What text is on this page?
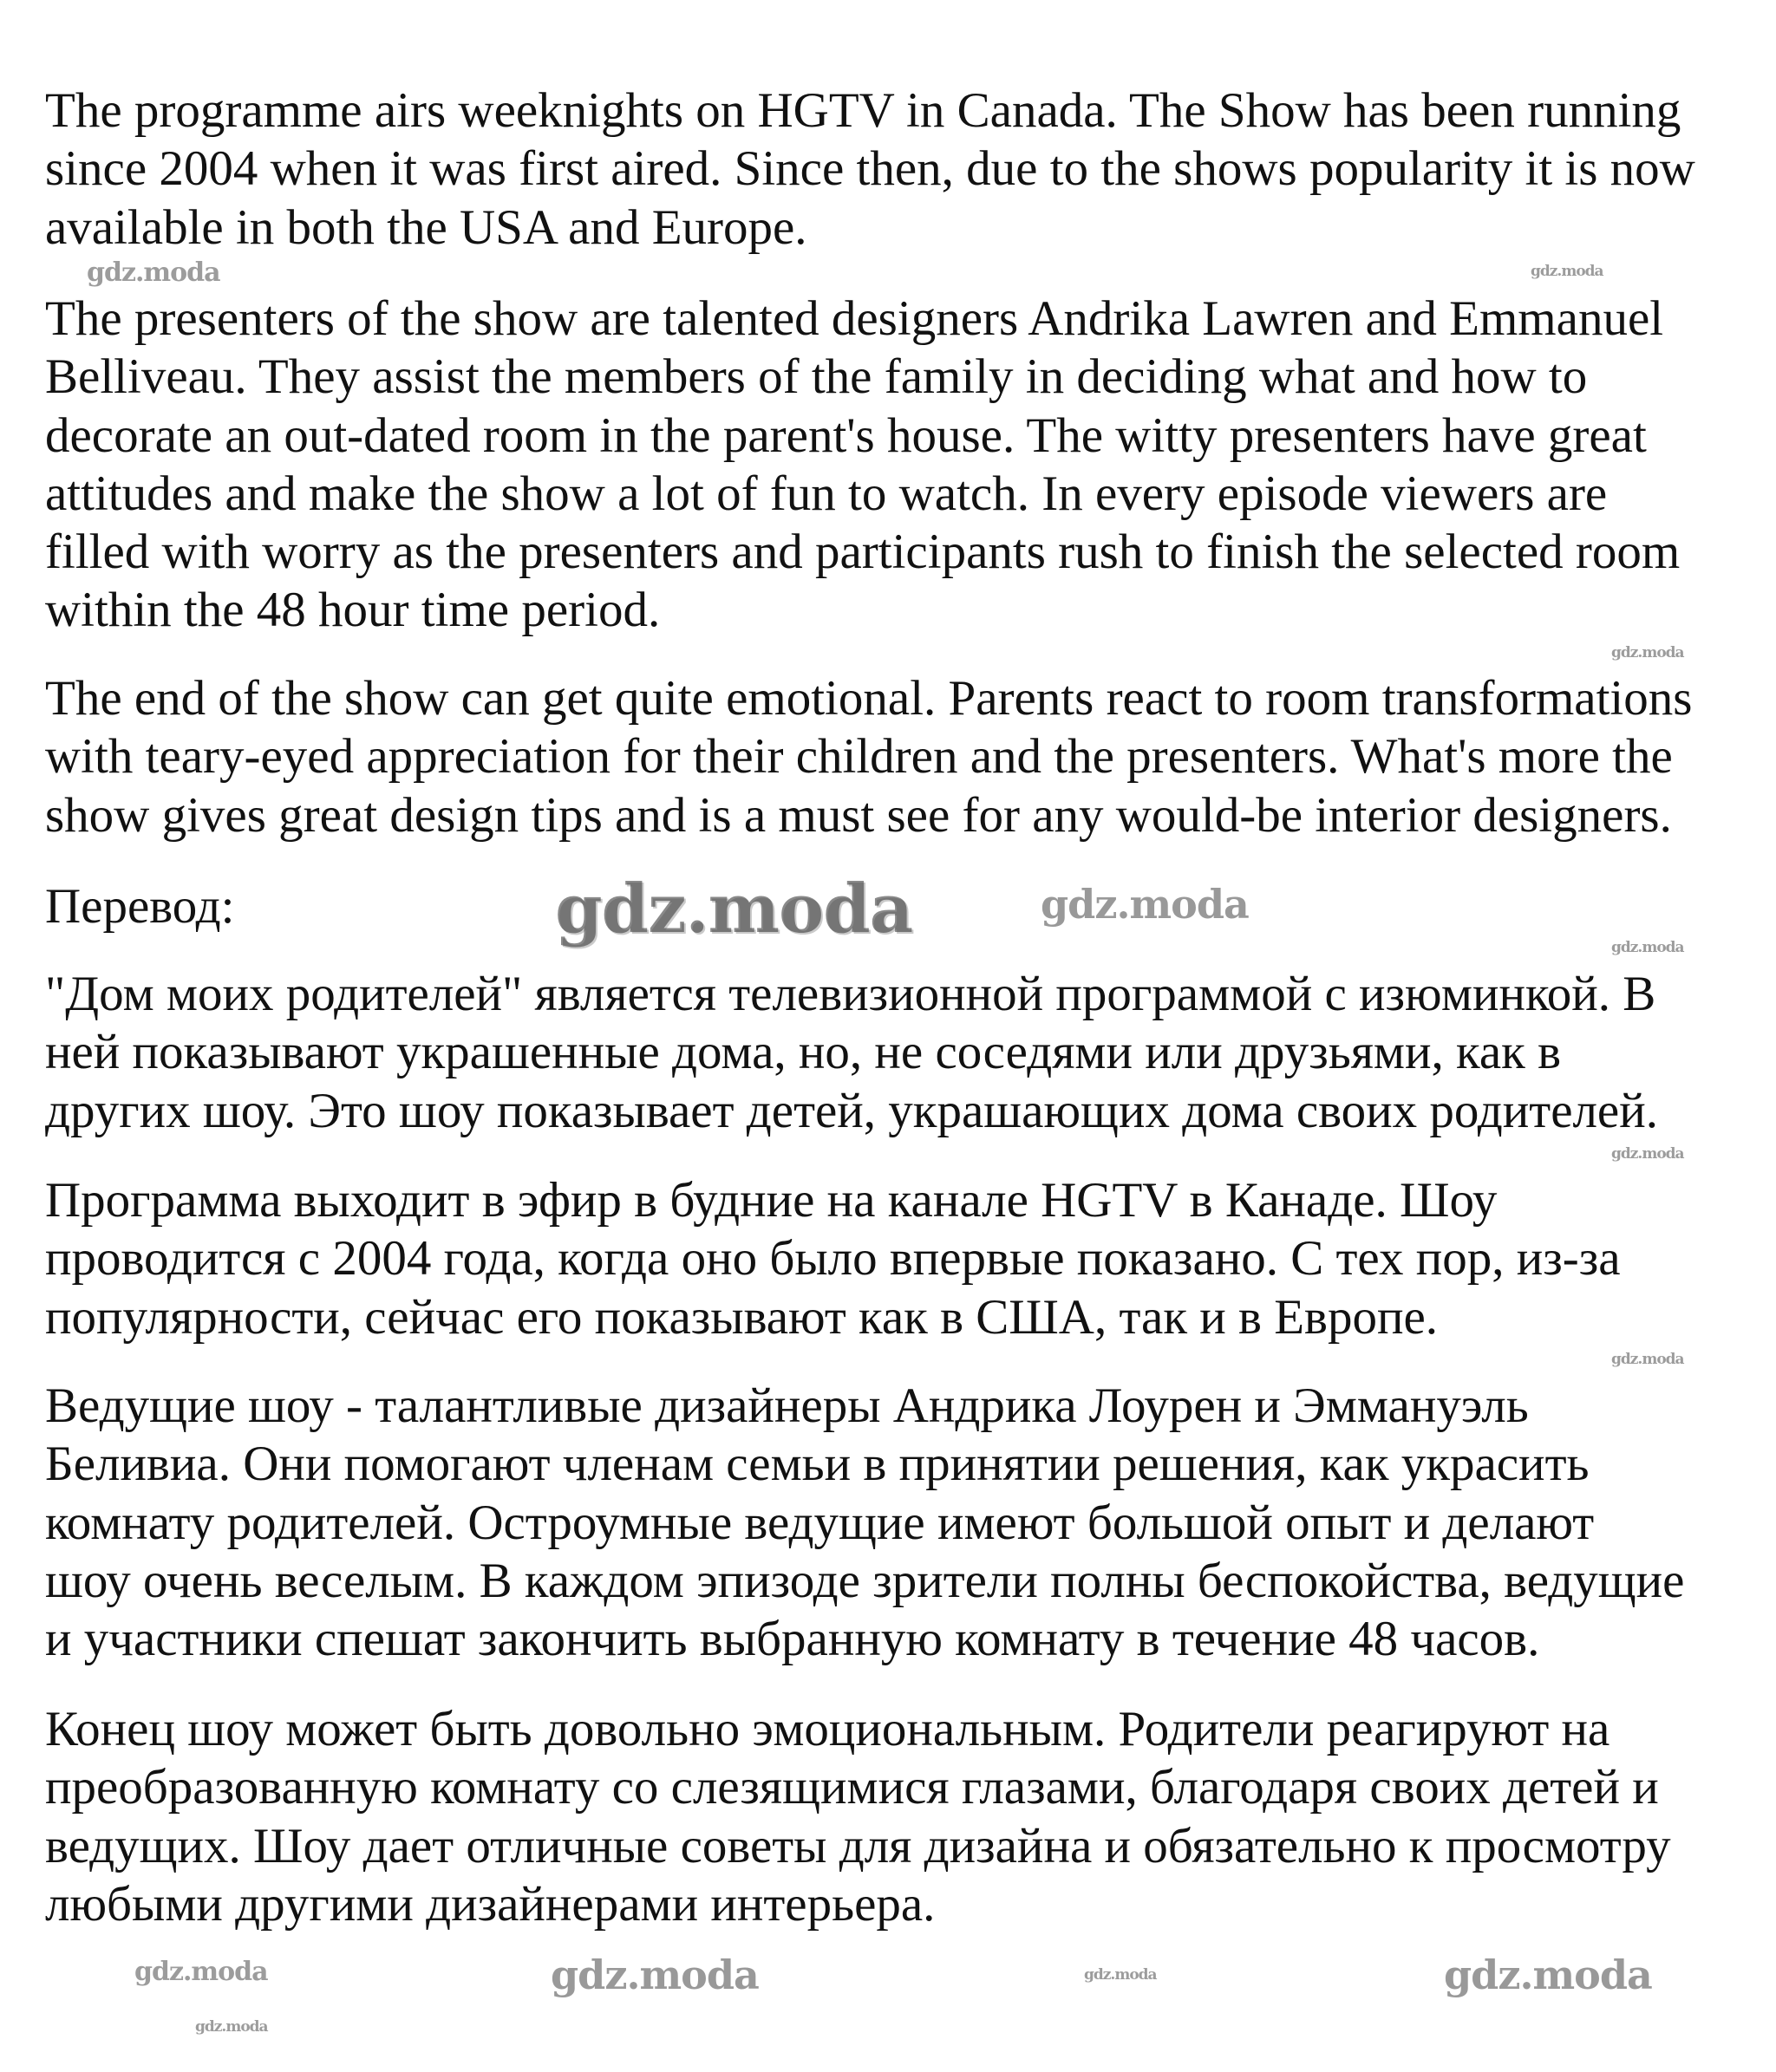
The programme airs weeknights on HGTV in Canada. The Show has been running
since 2004 when it was first aired. Since then, due to the shows popularity it is now
available in both the USA and Europe.
The presenters of the show are talented designers Andrika Lawren and Emmanuel
Belliveau. They assist the members of the family in deciding what and how to
decorate an out-dated room in the parent's house. The witty presenters have great
attitudes and make the show a lot of fun to watch. In every episode viewers are
filled with worry as the presenters and participants rush to finish the selected room
within the 48 hour time period.
The end of the show can get quite emotional. Parents react to room transformations
with teary-eyed appreciation for their children and the presenters. What's more the
show gives great design tips and is a must see for any would-be interior designers.
Перевод:
"Дом моих родителей" является телевизионной программой с изюминкой. В
ней показывают украшенные дома, но, не соседями или друзьями, как в
других шоу. Это шоу показывает детей, украшающих дома своих родителей.
Программа выходит в эфир в будние на канале HGTV в Канаде. Шоу
проводится с 2004 года, когда оно было впервые показано. С тех пор, из-за
популярности, сейчас его показывают как в США, так и в Европе.
Ведущие шоу - талантливые дизайнеры Андрика Лоурен и Эммануэль
Беливиа. Они помогают членам семьи в принятии решения, как украсить
комнату родителей. Остроумные ведущие имеют большой опыт и делают
шоу очень веселым. В каждом эпизоде зрители полны беспокойства, ведущие
и участники спешат закончить выбранную комнату в течение 48 часов.
Конец шоу может быть довольно эмоциональным. Родители реагируют на
преобразованную комнату со слезящимися глазами, благодаря своих детей и
ведущих. Шоу дает отличные советы для дизайна и обязательно к просмотру
любыми другими дизайнерами интерьера.
gdz.moda	gdz.moda
gdz.moda	gdz.moda
gdz.moda
gdz.moda
gdz.moda
gdz.moda
gdz.moda	gdz.moda	gdz.moda	gdz.moda
gdz.moda
